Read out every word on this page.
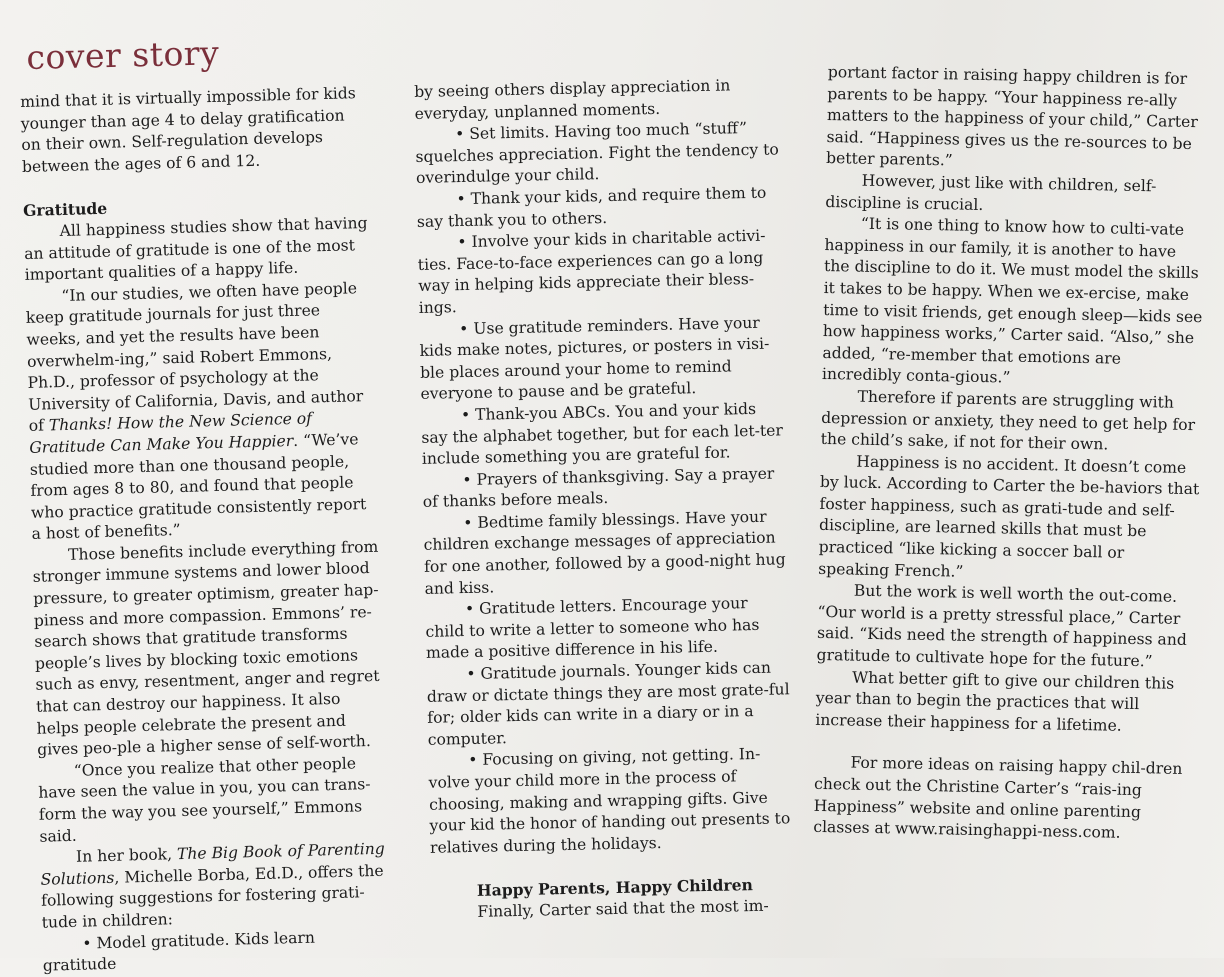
cover story

mind that it is virtually impossible for kids younger than age 4 to delay gratification on their own. Self-regulation develops between the ages of 6 and 12.

Gratitude

All happiness studies show that having an attitude of gratitude is one of the most important qualities of a happy life.

“In our studies, we often have people keep gratitude journals for just three weeks, and yet the results have been overwhelm-ing,” said Robert Emmons, Ph.D., professor of psychology at the University of California, Davis, and author of Thanks! How the New Science of Gratitude Can Make You Happier. “We’ve studied more than one thousand people, from ages 8 to 80, and found that people who practice gratitude consistently report a host of benefits.”

Those benefits include everything from stronger immune systems and lower blood pressure, to greater optimism, greater hap-piness and more compassion. Emmons’ re-search shows that gratitude transforms people’s lives by blocking toxic emotions such as envy, resentment, anger and regret that can destroy our happiness. It also helps people celebrate the present and gives peo-ple a higher sense of self-worth.

“Once you realize that other people have seen the value in you, you can trans-form the way you see yourself,” Emmons said.

In her book, The Big Book of Parenting Solutions, Michelle Borba, Ed.D., offers the following suggestions for fostering grati-tude in children:

• Model gratitude. Kids learn gratitude

by seeing others display appreciation in everyday, unplanned moments.

• Set limits. Having too much “stuff” squelches appreciation. Fight the tendency to overindulge your child.

• Thank your kids, and require them to say thank you to others.

• Involve your kids in charitable activi-ties. Face-to-face experiences can go a long way in helping kids appreciate their bless-ings.

• Use gratitude reminders. Have your kids make notes, pictures, or posters in visi-ble places around your home to remind everyone to pause and be grateful.

• Thank-you ABCs. You and your kids say the alphabet together, but for each let-ter include something you are grateful for.

• Prayers of thanksgiving. Say a prayer of thanks before meals.

• Bedtime family blessings. Have your children exchange messages of appreciation for one another, followed by a good-night hug and kiss.

• Gratitude letters. Encourage your child to write a letter to someone who has made a positive difference in his life.

• Gratitude journals. Younger kids can draw or dictate things they are most grate-ful for; older kids can write in a diary or in a computer.

• Focusing on giving, not getting. In-volve your child more in the process of choosing, making and wrapping gifts. Give your kid the honor of handing out presents to relatives during the holidays.

Happy Parents, Happy Children

Finally, Carter said that the most im-

portant factor in raising happy children is for parents to be happy. “Your happiness re-ally matters to the happiness of your child,” Carter said. “Happiness gives us the re-sources to be better parents.”

However, just like with children, self-discipline is crucial.

“It is one thing to know how to culti-vate happiness in our family, it is another to have the discipline to do it. We must model the skills it takes to be happy. When we ex-ercise, make time to visit friends, get enough sleep—kids see how happiness works,” Carter said. “Also,” she added, “re-member that emotions are incredibly conta-gious.”

Therefore if parents are struggling with depression or anxiety, they need to get help for the child’s sake, if not for their own.

Happiness is no accident. It doesn’t come by luck. According to Carter the be-haviors that foster happiness, such as grati-tude and self-discipline, are learned skills that must be practiced “like kicking a soccer ball or speaking French.”

But the work is well worth the out-come. “Our world is a pretty stressful place,” Carter said. “Kids need the strength of happiness and gratitude to cultivate hope for the future.”

What better gift to give our children this year than to begin the practices that will increase their happiness for a lifetime.

For more ideas on raising happy chil-dren check out the Christine Carter’s “rais-ing Happiness” website and online parenting classes at www.raisinghappi-ness.com.
